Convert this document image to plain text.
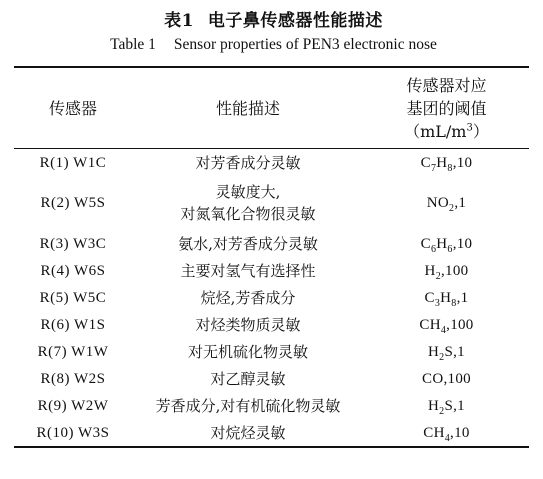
表1 电子鼻传感器性能描述
Table 1 Sensor properties of PEN3 electronic nose
传感器	性能描述	传感器对应
基团的阈值
$(mL/m^3)$

R(1) W1C	对芳香成分灵敏	$C_7H_8,10$
R(2) W5S	灵敏度大,
对氮氧化合物很灵敏	$NO_2,1$
R(3) W3C	氨水,对芳香成分灵敏	$C_6H_6,10$
R(4) W6S	主要对氢气有选择性	$H_2,100$
R(5) W5C	烷烃,芳香成分	$C_3H_8,1$
R(6) W1S	对烃类物质灵敏	$CH_4,100$
R(7) W1W	对无机硫化物灵敏	$H_2S,1$
R(8) W2S	对乙醇灵敏	CO,100
R(9) W2W	芳香成分,对有机硫化物灵敏	$H_2S,1$
R(10) W3S	对烷烃灵敏	$CH_4,10$
